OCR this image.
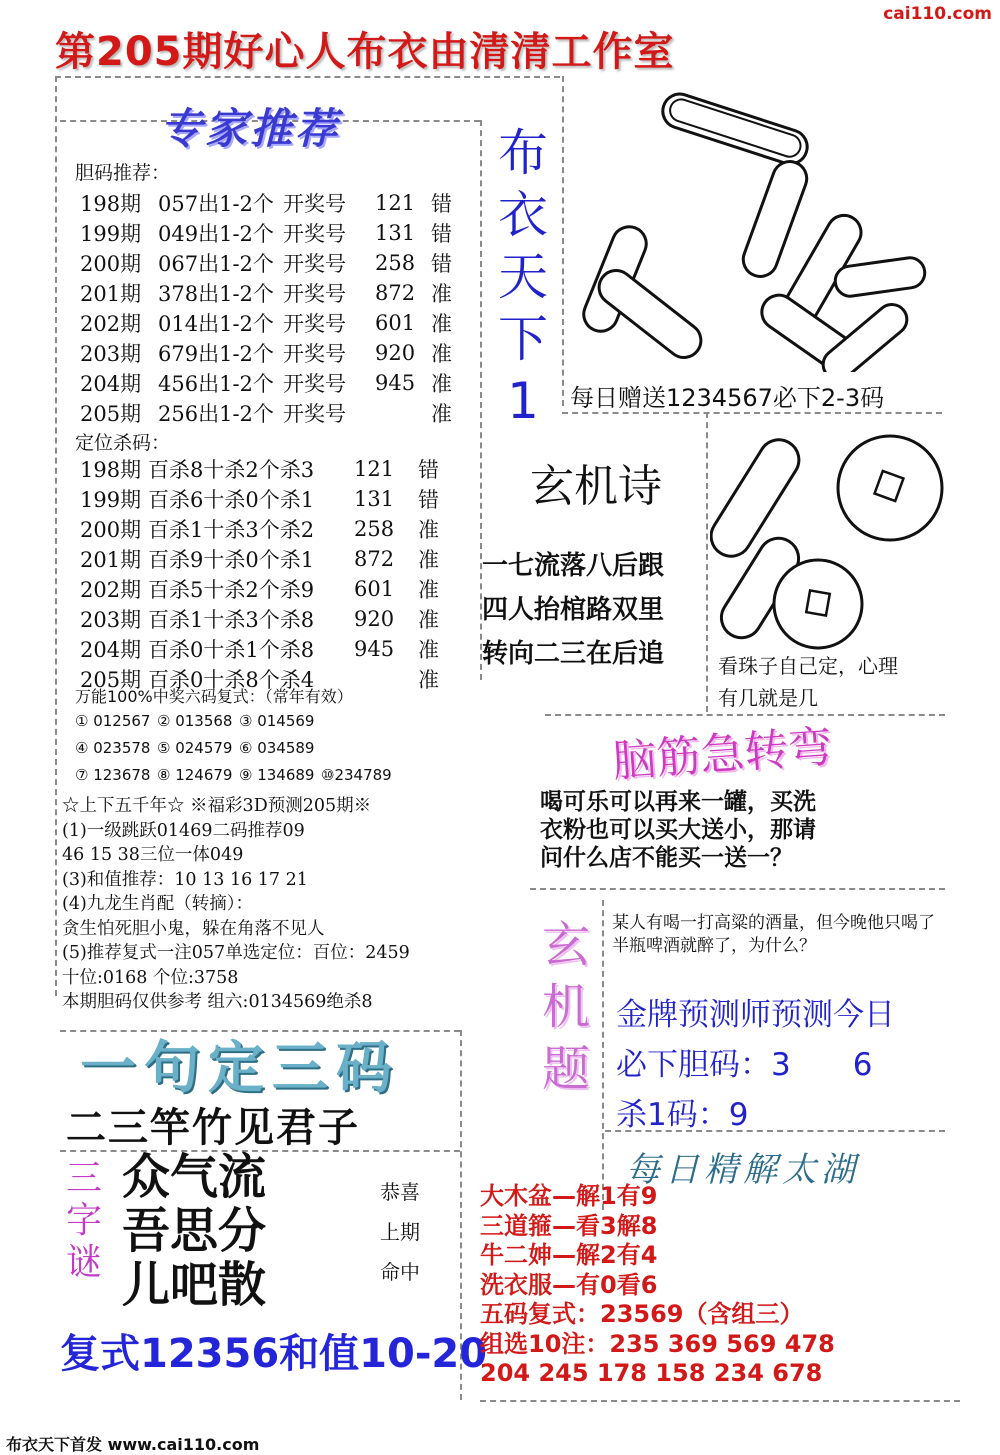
第205期好心人布衣由清清工作室
cai110.com
专家推荐
胆码推荐：
198期	057出1-2个	开奖号	121	错
199期	049出1-2个	开奖号	131	错
200期	067出1-2个	开奖号	258	错
201期	378出1-2个	开奖号	872	准
202期	014出1-2个	开奖号	601	准
203期	679出1-2个	开奖号	920	准
204期	456出1-2个	开奖号	945	准
205期	256出1-2个	开奖号		准
定位杀码：
198期	百杀8十杀2个杀3	121	错
199期	百杀6十杀0个杀1	131	错
200期	百杀1十杀3个杀2	258	准
201期	百杀9十杀0个杀1	872	准
202期	百杀5十杀2个杀9	601	准
203期	百杀1十杀3个杀8	920	准
204期	百杀0十杀1个杀8	945	准
205期	百杀0十杀8个杀4		准
万能100%中奖六码复式：（常年有效）
① 012567 ② 013568 ③ 014569
④ 023578 ⑤ 024579 ⑥ 034589
⑦ 123678 ⑧ 124679 ⑨ 134689 ⑩234789
☆上下五千年☆ ※福彩3D预测205期※
(1)一级跳跃01469二码推荐09
46 15 38三位一体049
(3)和值推荐：10 13 16 17 21
(4)九龙生肖配（转摘）：
贪生怕死胆小鬼，躲在角落不见人
(5)推荐复式一注057单选定位：百位：2459
十位:0168 个位:3758
本期胆码仅供参考 组六:0134569绝杀8
一句定三码
二三竿竹见君子
三
字
谜
众气流
吾思分
儿吧散
恭喜
上期
命中
复式12356和值10-20
布
衣
天
下
1	每日赠送1234567必下2-3码
玄机诗
一七流落八后跟
四人抬棺路双里
转向二三在后追	看珠子自己定，心理
有几就是几
脑筋急转弯
喝可乐可以再来一罐，买洗
衣粉也可以买大送小，那请
问什么店不能买一送一？
玄
机
题
某人有喝一打高粱的酒量，但今晚他只喝了半瓶啤酒就醉了，为什么？
金牌预测师预测今日
必下胆码：3　　6
杀1码：9
每日精解太湖
大木盆—解1有9
三道箍—看3解8
牛二妽—解2有4
洗衣服—有0看6
五码复式：23569（含组三）
组选10注：235 369 569 478
204 245 178 158 234 678
布衣天下首发 www.cai110.com
